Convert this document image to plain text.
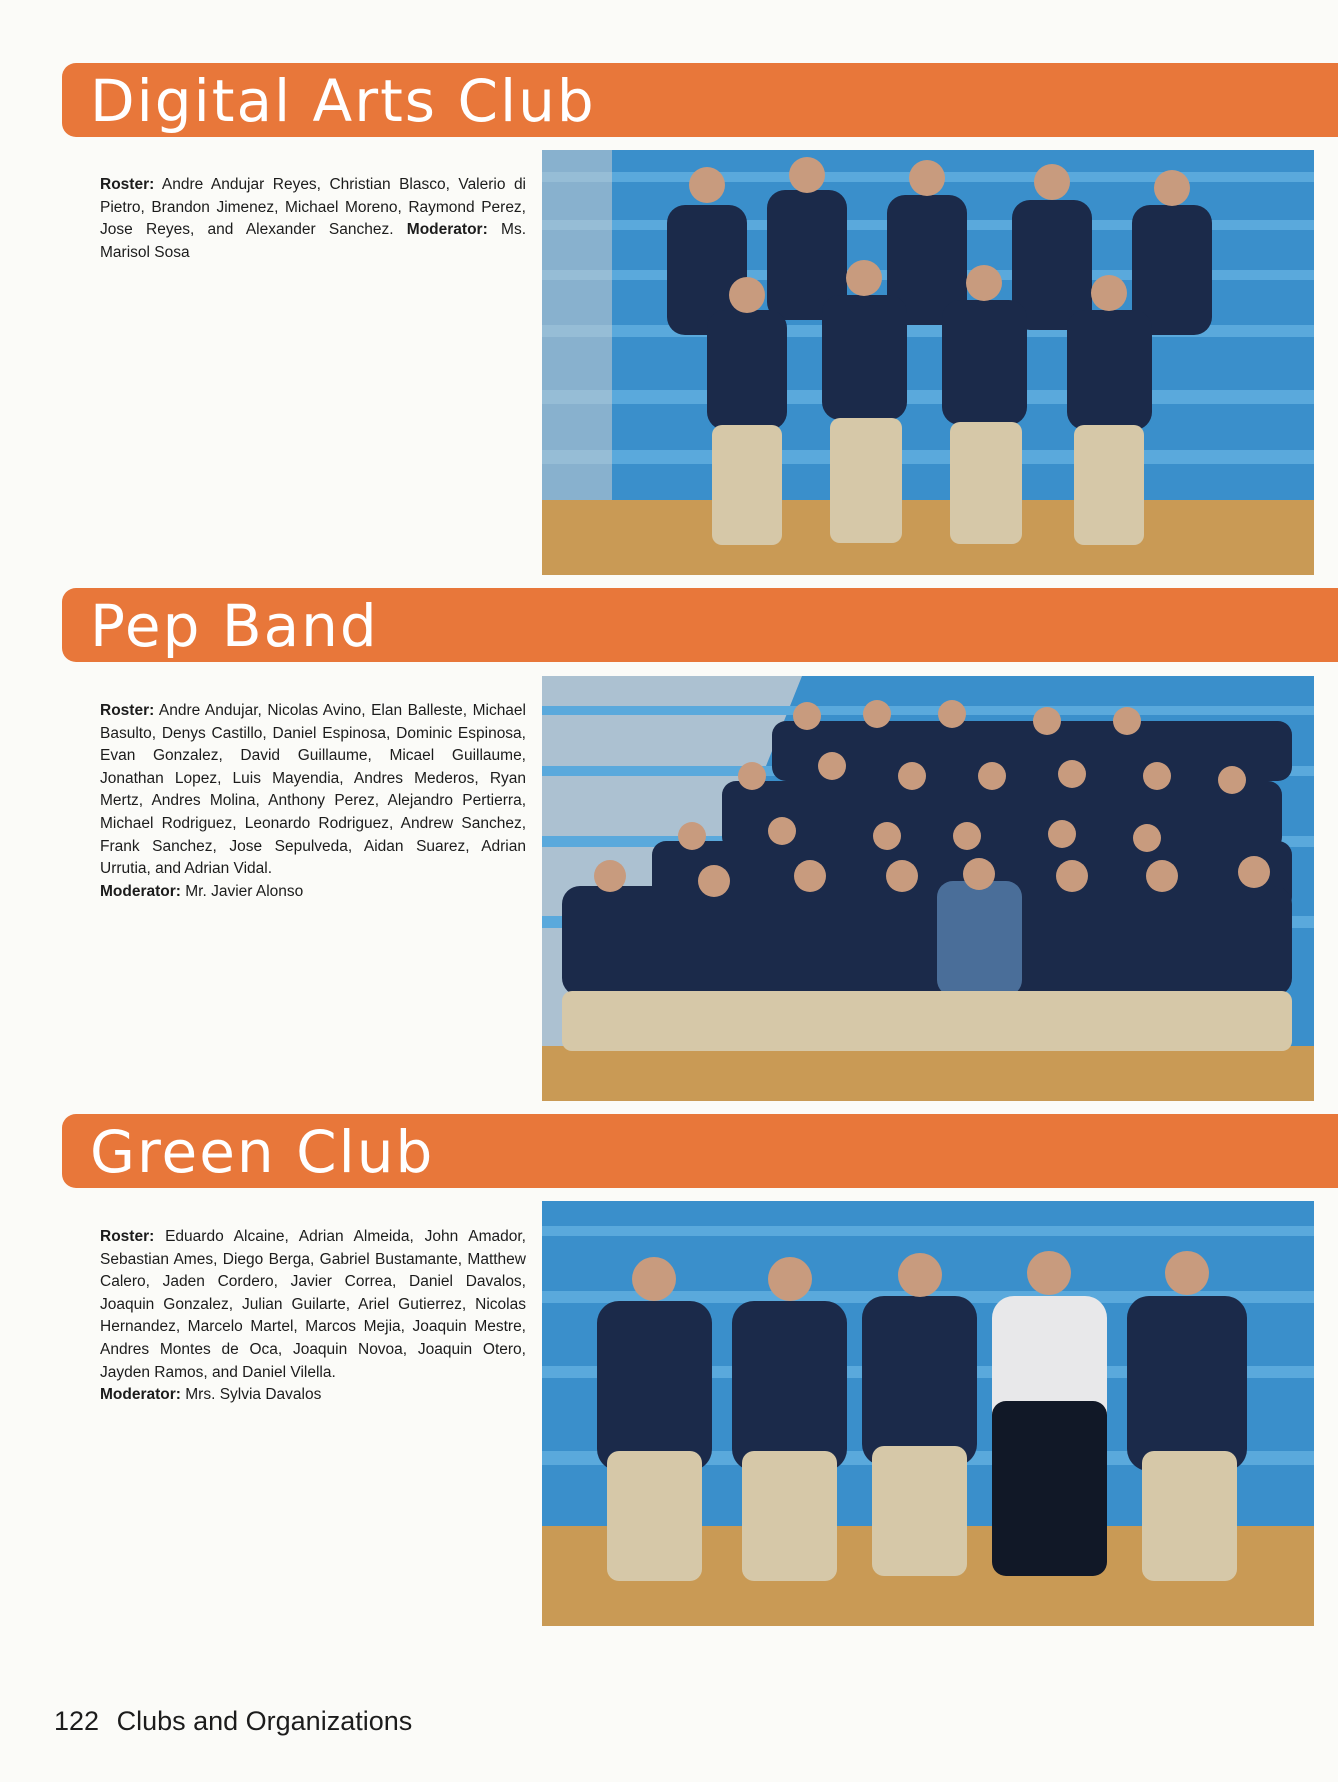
Digital Arts Club
Roster: Andre Andujar Reyes, Christian Blasco, Valerio di Pietro, Brandon Jimenez, Michael Moreno, Raymond Perez, Jose Reyes, and Alexander Sanchez. Moderator: Ms. Marisol Sosa
Pep Band
Roster: Andre Andujar, Nicolas Avino, Elan Balleste, Michael Basulto, Denys Castillo, Daniel Espinosa, Dominic Espinosa, Evan Gonzalez, David Guillaume, Micael Guillaume, Jonathan Lopez, Luis Mayendia, Andres Mederos, Ryan Mertz, Andres Molina, Anthony Perez, Alejandro Pertierra, Michael Rodriguez, Leonardo Rodriguez, Andrew Sanchez, Frank Sanchez, Jose Sepulveda, Aidan Suarez, Adrian Urrutia, and Adrian Vidal.
Moderator: Mr. Javier Alonso
Green Club
Roster: Eduardo Alcaine, Adrian Almeida, John Amador, Sebastian Ames, Diego Berga, Gabriel Bustamante, Matthew Calero, Jaden Cordero, Javier Correa, Daniel Davalos, Joaquin Gonzalez, Julian Guilarte, Ariel Gutierrez, Nicolas Hernandez, Marcelo Martel, Marcos Mejia, Joaquin Mestre, Andres Montes de Oca, Joaquin Novoa, Joaquin Otero, Jayden Ramos, and Daniel Vilella.
Moderator: Mrs. Sylvia Davalos
122 Clubs and Organizations
